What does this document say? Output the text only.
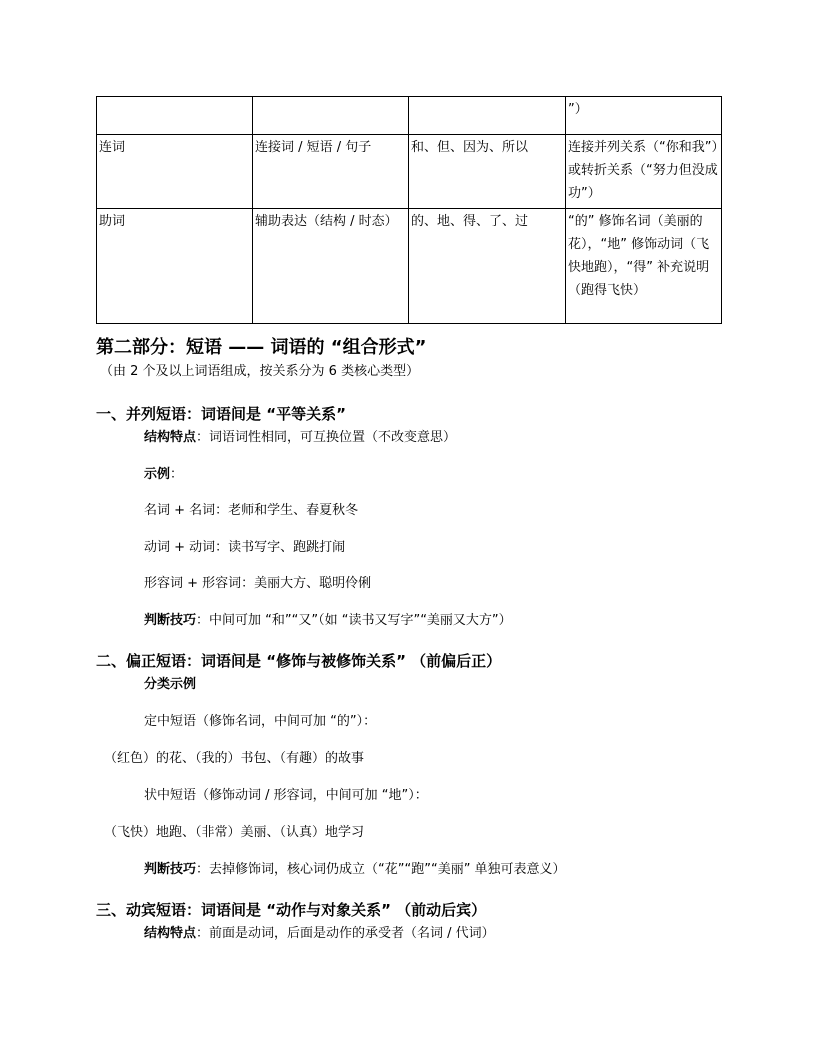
			”）
连词	连接词 / 短语 / 句子	和、但、因为、所以	连接并列关系（“你和我”）或转折关系（“努力但没成功”）
助词	辅助表达（结构 / 时态）	的、地、得、了、过	“的” 修饰名词（美丽的花），“地” 修饰动词（飞快地跑），“得” 补充说明（跑得飞快）
第二部分：短语 —— 词语的 “组合形式”
（由 2 个及以上词语组成，按关系分为 6 类核心类型）
一、并列短语：词语间是 “平等关系”
结构特点：词语词性相同，可互换位置（不改变意思）
示例：
名词 + 名词：老师和学生、春夏秋冬
动词 + 动词：读书写字、跑跳打闹
形容词 + 形容词：美丽大方、聪明伶俐
判断技巧：中间可加 “和”“又”（如 “读书又写字”“美丽又大方”）
二、偏正短语：词语间是 “修饰与被修饰关系” （前偏后正）
分类示例
定中短语（修饰名词，中间可加 “的”）：
（红色）的花、（我的）书包、（有趣）的故事
状中短语（修饰动词 / 形容词，中间可加 “地”）：
（飞快）地跑、（非常）美丽、（认真）地学习
判断技巧：去掉修饰词，核心词仍成立（“花”“跑”“美丽” 单独可表意义）
三、动宾短语：词语间是 “动作与对象关系” （前动后宾）
结构特点：前面是动词，后面是动作的承受者（名词 / 代词）
